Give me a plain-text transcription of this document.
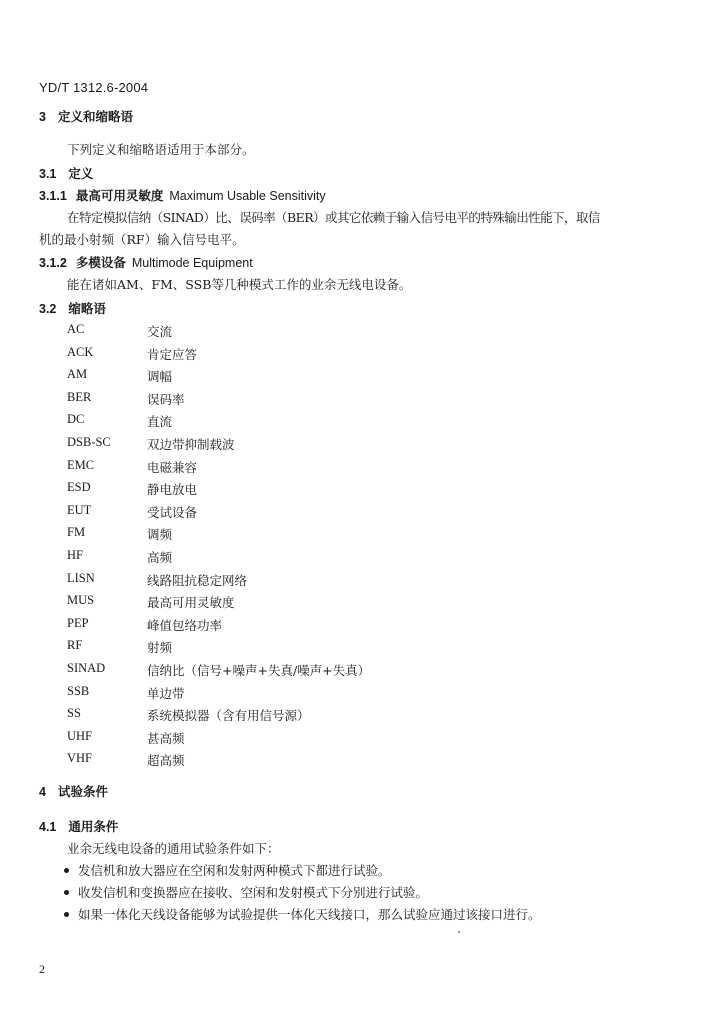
YD/T 1312.6-2004
3 定义和缩略语
下列定义和缩略语适用于本部分。
3.1 定义
3.1.1 最高可用灵敏度 Maximum Usable Sensitivity
在特定模拟信纳（SINAD）比、误码率（BER）或其它依赖于输入信号电平的特殊输出性能下，取信
机的最小射频（RF）输入信号电平。
3.1.2 多模设备 Multimode Equipment
能在诸如AM、FM、SSB等几种模式工作的业余无线电设备。
3.2 缩略语
AC	交流
ACK	肯定应答
AM	调幅
BER	误码率
DC	直流
DSB-SC	双边带抑制载波
EMC	电磁兼容
ESD	静电放电
EUT	受试设备
FM	调频
HF	高频
LISN	线路阻抗稳定网络
MUS	最高可用灵敏度
PEP	峰值包络功率
RF	射频
SINAD	信纳比（信号+噪声+失真/噪声+失真）
SSB	单边带
SS	系统模拟器（含有用信号源）
UHF	甚高频
VHF	超高频
4 试验条件
4.1 通用条件
业余无线电设备的通用试验条件如下：
发信机和放大器应在空闲和发射两种模式下都进行试验。
收发信机和变换器应在接收、空闲和发射模式下分别进行试验。
如果一体化天线设备能够为试验提供一体化天线接口，那么试验应通过该接口进行。
2
